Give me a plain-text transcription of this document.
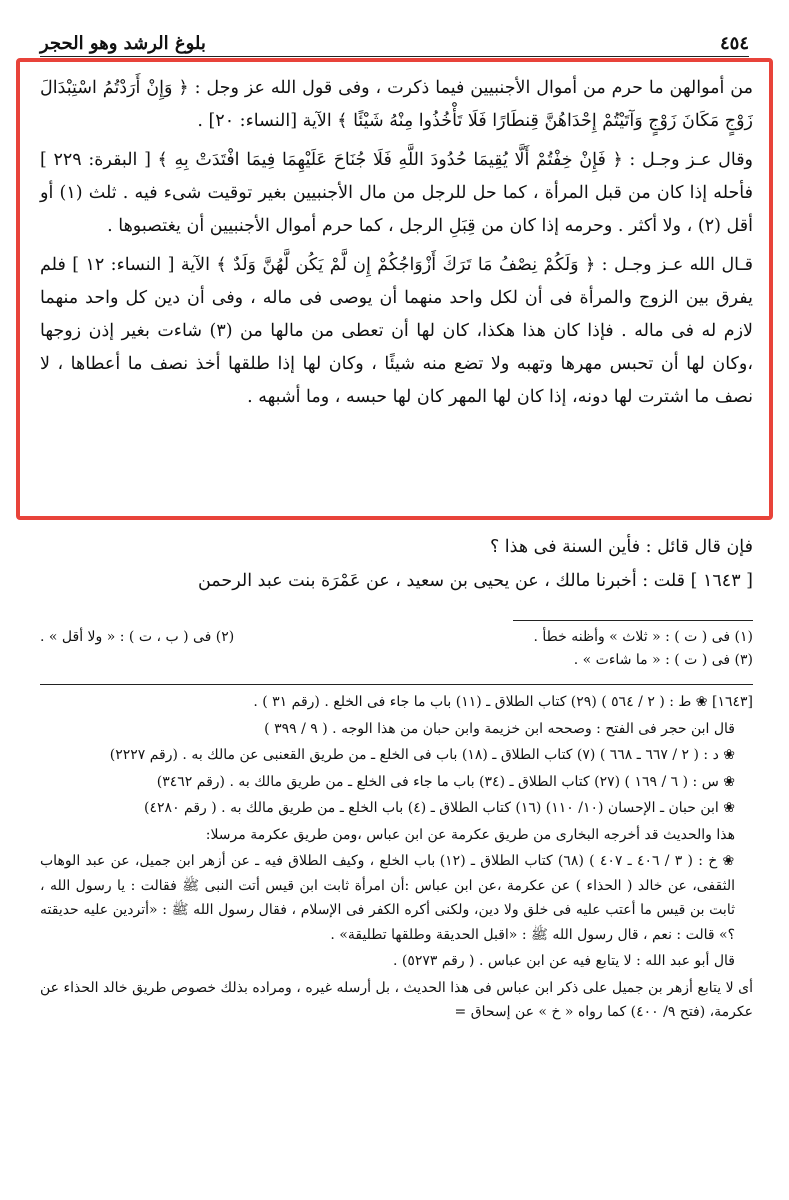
٤٥٤
بلوغ الرشد وهو الحجر

من أموالهن ما حرم من أموال الأجنبيين فيما ذكرت ، وفى قول الله عز وجل : ﴿ وَإِنْ أَرَدْتُمُ اسْتِبْدَالَ زَوْجٍ مَكَانَ زَوْجٍ وَآتَيْتُمْ إِحْدَاهُنَّ قِنطَارًا فَلَا تَأْخُذُوا مِنْهُ شَيْئًا ﴾ الآية [النساء: ٢٠] .

وقال عـز وجـل : ﴿ فَإِنْ خِفْتُمْ أَلَّا يُقِيمَا حُدُودَ اللَّهِ فَلَا جُنَاحَ عَلَيْهِمَا فِيمَا افْتَدَتْ بِهِ ﴾ [ البقرة: ٢٢٩ ] فأحله إذا كان من قبل المرأة ، كما حل للرجل من مال الأجنبيين بغير توقيت شىء فيه . ثلث (١) أو أقل (٢) ، ولا أكثر . وحرمه إذا كان من قِبَلِ الرجل ، كما حرم أموال الأجنبيين أن يغتصبوها .

قـال الله عـز وجـل : ﴿ وَلَكُمْ نِصْفُ مَا تَرَكَ أَزْوَاجُكُمْ إِن لَّمْ يَكُن لَّهُنَّ وَلَدٌ ﴾ الآية [ النساء: ١٢ ] فلم يفرق بين الزوج والمرأة فى أن لكل واحد منهما أن يوصى فى ماله ، وفى أن دين كل واحد منهما لازم له فى ماله . فإذا كان هذا هكذا، كان لها أن تعطى من مالها من (٣) شاءت بغير إذن زوجها ،وكان لها أن تحبس مهرها وتهبه ولا تضع منه شيئًا ، وكان لها إذا طلقها أخذ نصف ما أعطاها ، لا نصف ما اشترت لها دونه، إذا كان لها المهر كان لها حبسه ، وما أشبهه .

فإن قال قائل : فأين السنة فى هذا ؟

[ ١٦٤٣ ] قلت : أخبرنا مالك ، عن يحيى بن سعيد ، عن عَمْرَة بنت عبد الرحمن

(١) فى ( ت ) : « ثلاث » وأظنه خطأ .
(٢) فى ( ب ، ت ) : « ولا أقل » .
(٣) فى ( ت ) : « ما شاءت » .

[١٦٤٣] ❀ ط : ( ٢ / ٥٦٤ ) (٢٩) كتاب الطلاق ـ (١١) باب ما جاء فى الخلع . (رقم ٣١ ) .

قال ابن حجر فى الفتح : وصححه ابن خزيمة وابن حبان من هذا الوجه . ( ٩ / ٣٩٩ )

❀ د : ( ٢ / ٦٦٧ ـ ٦٦٨ ) (٧) كتاب الطلاق ـ (١٨) باب فى الخلع ـ من طريق القعنبى عن مالك به . (رقم ٢٢٢٧)

❀ س : ( ٦ / ١٦٩ ) (٢٧) كتاب الطلاق ـ (٣٤) باب ما جاء فى الخلع ـ من طريق مالك به . (رقم ٣٤٦٢)

❀ ابن حبان ـ الإحسان (١٠/ ١١٠) (١٦) كتاب الطلاق ـ (٤) باب الخلع ـ من طريق مالك به . ( رقم ٤٢٨٠)

هذا والحديث قد أخرجه البخارى من طريق عكرمة عن ابن عباس ،ومن طريق عكرمة مرسلا:

❀ خ : ( ٣ / ٤٠٦ ـ ٤٠٧ ) (٦٨) كتاب الطلاق ـ (١٢) باب الخلع ، وكيف الطلاق فيه ـ عن أزهر ابن جميل، عن عبد الوهاب الثقفى، عن خالد ( الحذاء ) عن عكرمة ،عن ابن عباس :أن امرأة ثابت ابن قيس أتت النبى ﷺ فقالت : يا رسول الله ، ثابت بن قيس ما أعتب عليه فى خلق ولا دين، ولكنى أكره الكفر فى الإسلام ، فقال رسول الله ﷺ : «أتردين عليه حديقته ؟» قالت : نعم ، قال رسول الله ﷺ : «اقبل الحديقة وطلقها تطليقة» .

قال أبو عبد الله : لا يتابع فيه عن ابن عباس . ( رقم ٥٢٧٣) .

أى لا يتابع أزهر بن جميل على ذكر ابن عباس فى هذا الحديث ، بل أرسله غيره ، ومراده بذلك خصوص طريق خالد الحذاء عن عكرمة، (فتح ٩/ ٤٠٠) كما رواه « خ » عن إسحاق =
